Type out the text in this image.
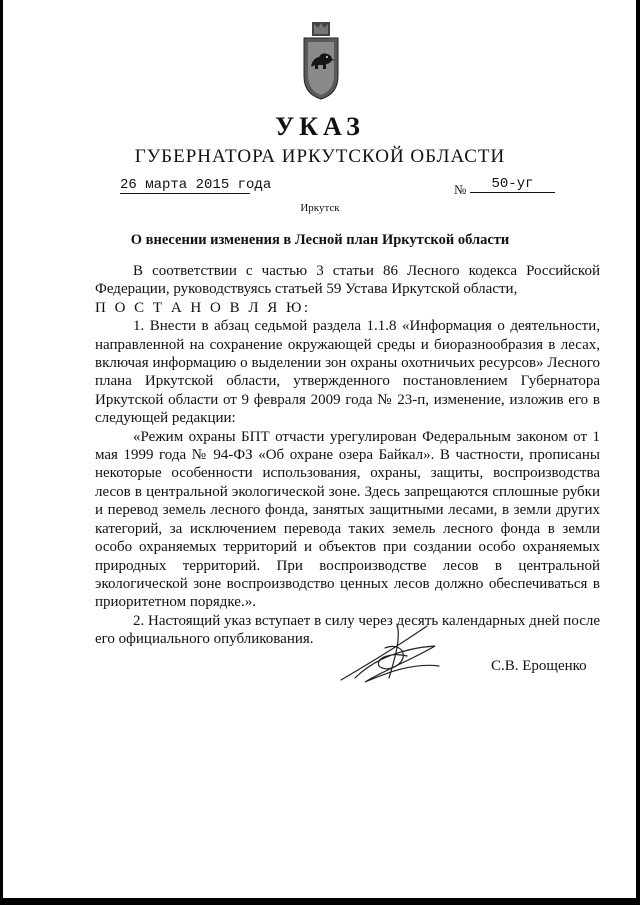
УКАЗ
ГУБЕРНАТОРА ИРКУТСКОЙ ОБЛАСТИ
26 марта 2015 года	№	50-уг
Иркутск
О внесении изменения в Лесной план Иркутской области

В соответствии с частью 3 статьи 86 Лесного кодекса Российской Федерации, руководствуясь статьей 59 Устава Иркутской области,

П О С Т А Н О В Л Я Ю:

1. Внести в абзац седьмой раздела 1.1.8 «Информация о деятельности, направленной на сохранение окружающей среды и биоразнообразия в лесах, включая информацию о выделении зон охраны охотничьих ресурсов» Лесного плана Иркутской области, утвержденного постановлением Губернатора Иркутской области от 9 февраля 2009 года № 23-п, изменение, изложив его в следующей редакции:

«Режим охраны БПТ отчасти урегулирован Федеральным законом от 1 мая 1999 года № 94-ФЗ «Об охране озера Байкал». В частности, прописаны некоторые особенности использования, охраны, защиты, воспроизводства лесов в центральной экологической зоне. Здесь запрещаются сплошные рубки и перевод земель лесного фонда, занятых защитными лесами, в земли других категорий, за исключением перевода таких земель лесного фонда в земли особо охраняемых территорий и объектов при создании особо охраняемых природных территорий. При воспроизводстве лесов в центральной экологической зоне воспроизводство ценных лесов должно обеспечиваться в приоритетном порядке.».

2. Настоящий указ вступает в силу через десять календарных дней после его официального опубликования.

С.В. Ерощенко
